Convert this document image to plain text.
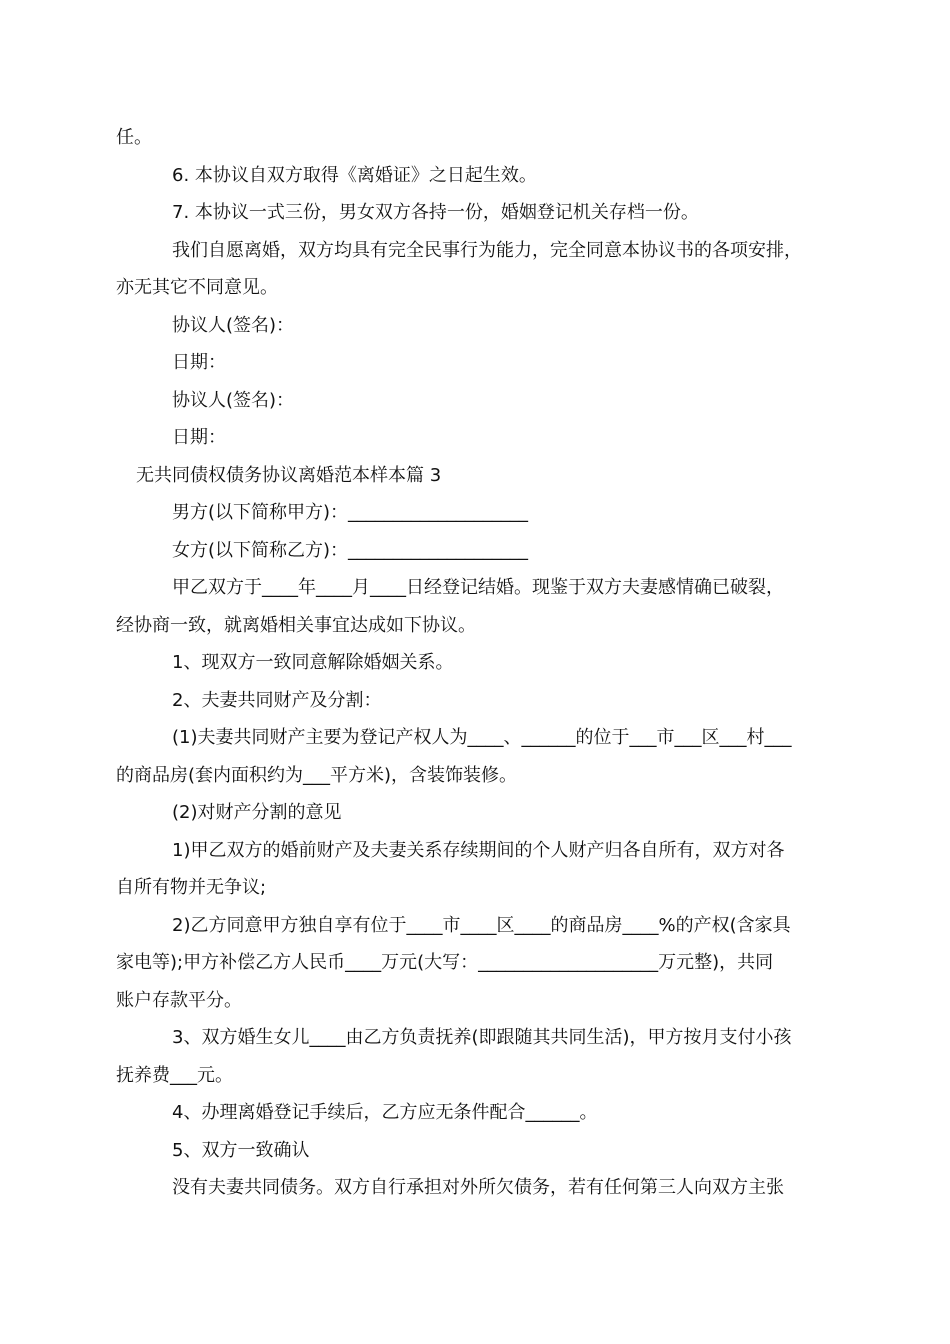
任。
6. 本协议自双方取得《离婚证》之日起生效。
7. 本协议一式三份，男女双方各持一份，婚姻登记机关存档一份。
我们自愿离婚，双方均具有完全民事行为能力，完全同意本协议书的各项安排，
亦无其它不同意见。
协议人(签名)：
日期：
协议人(签名)：
日期：
无共同债权债务协议离婚范本样本篇 3
男方(以下简称甲方)：____________________
女方(以下简称乙方)：____________________
甲乙双方于____年____月____日经登记结婚。现鉴于双方夫妻感情确已破裂，
经协商一致，就离婚相关事宜达成如下协议。
1、现双方一致同意解除婚姻关系。
2、夫妻共同财产及分割：
(1)夫妻共同财产主要为登记产权人为____、______的位于___市___区___村___
的商品房(套内面积约为___平方米)，含装饰装修。
(2)对财产分割的意见
1)甲乙双方的婚前财产及夫妻关系存续期间的个人财产归各自所有，双方对各
自所有物并无争议;
2)乙方同意甲方独自享有位于____市____区____的商品房____%的产权(含家具
家电等);甲方补偿乙方人民币____万元(大写：____________________万元整)，共同
账户存款平分。
3、双方婚生女儿____由乙方负责抚养(即跟随其共同生活)，甲方按月支付小孩
抚养费___元。
4、办理离婚登记手续后，乙方应无条件配合______。
5、双方一致确认
没有夫妻共同债务。双方自行承担对外所欠债务，若有任何第三人向双方主张
